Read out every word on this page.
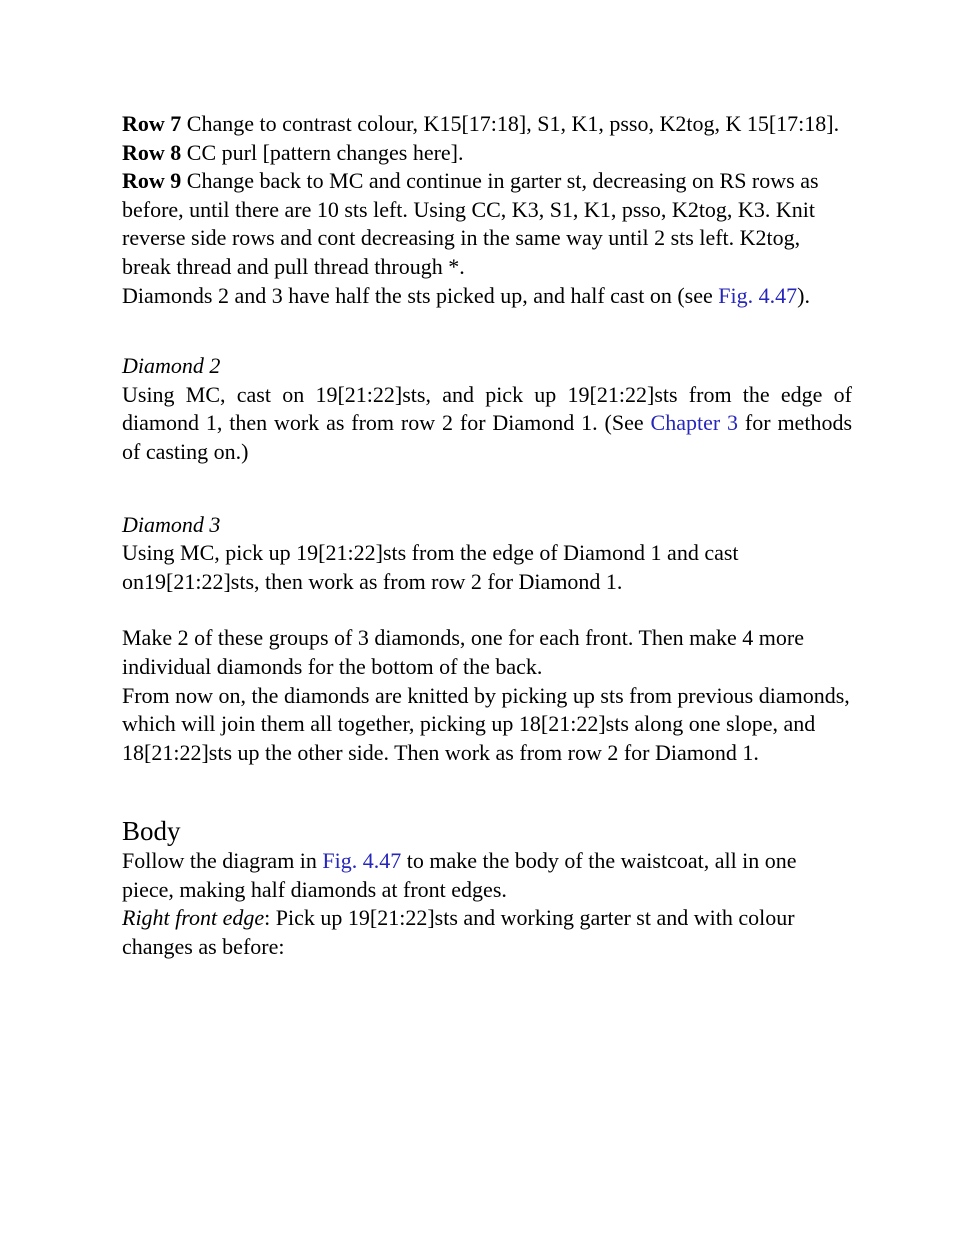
Row 7 Change to contrast colour, K15[17:18], S1, K1, psso, K2tog, K 15[17:18].

Row 8 CC purl [pattern changes here].

Row 9 Change back to MC and continue in garter st, decreasing on RS rows as before, until there are 10 sts left. Using CC, K3, S1, K1, psso, K2tog, K3. Knit reverse side rows and cont decreasing in the same way until 2 sts left. K2tog, break thread and pull thread through *.

Diamonds 2 and 3 have half the sts picked up, and half cast on (see Fig. 4.47).

Diamond 2

Using MC, cast on 19[21:22]sts, and pick up 19[21:22]sts from the edge of diamond 1, then work as from row 2 for Diamond 1. (See Chapter 3 for methods of casting on.)

Diamond 3

Using MC, pick up 19[21:22]sts from the edge of Diamond 1 and cast on19[21:22]sts, then work as from row 2 for Diamond 1.

Make 2 of these groups of 3 diamonds, one for each front. Then make 4 more individual diamonds for the bottom of the back.

From now on, the diamonds are knitted by picking up sts from previous diamonds, which will join them all together, picking up 18[21:22]sts along one slope, and 18[21:22]sts up the other side. Then work as from row 2 for Diamond 1.

Body

Follow the diagram in Fig. 4.47 to make the body of the waistcoat, all in one piece, making half diamonds at front edges.

Right front edge: Pick up 19[21:22]sts and working garter st and with colour changes as before:
